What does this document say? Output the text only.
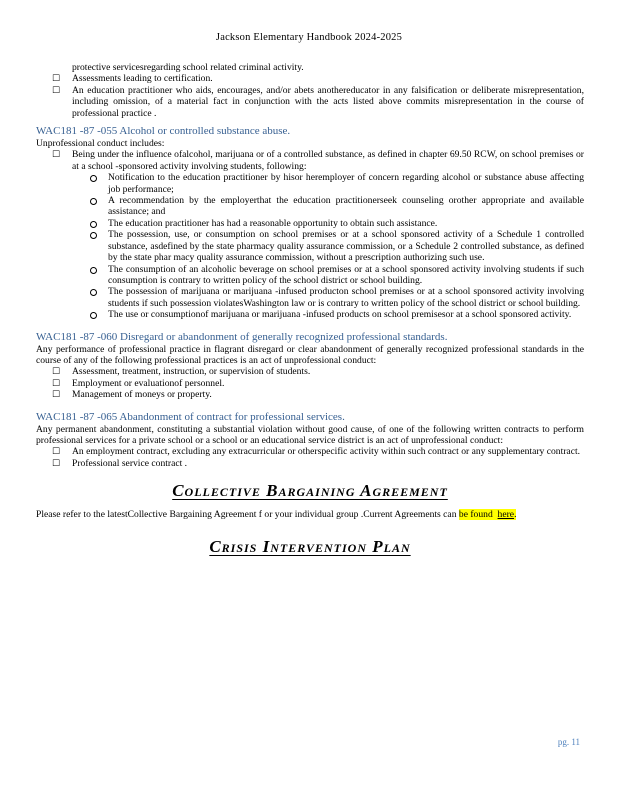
Jackson Elementary Handbook 2024-2025

protective servicesregarding school related criminal activity.

□ Assessments leading to certification.
□ An education practitioner who aids, encourages, and/or abets anothereducator in any falsification or deliberate misrepresentation, including omission, of a material fact in conjunction with the acts listed above commits misrepresentation in the course of professional practice .

WAC181 -87 -055 Alcohol or controlled substance abuse.

Unprofessional conduct includes:

□ Being under the influence ofalcohol, marijuana or of a controlled substance, as defined in chapter 69.50 RCW, on school premises or at a school -sponsored activity involving students, following:
Notification to the education practitioner by hisor heremployer of concern regarding alcohol or substance abuse affecting job performance;
A recommendation by the employerthat the education practitionerseek counseling orother appropriate and available assistance; and
The education practitioner has had a reasonable opportunity to obtain such assistance.
The possession, use, or consumption on school premises or at a school sponsored activity of a Schedule 1 controlled substance, asdefined by the state pharmacy quality assurance commission, or a Schedule 2 controlled substance, as defined by the state phar macy quality assurance commission, without a prescription authorizing such use.
The consumption of an alcoholic beverage on school premises or at a school sponsored activity involving students if such consumption is contrary to written policy of the school district or school building.
The possession of marijuana or marijuana -infused producton school premises or at a school sponsored activity involving students if such possession violatesWashington law or is contrary to written policy of the school district or school building.
The use or consumptionof marijuana or marijuana -infused products on school premisesor at a school sponsored activity.

WAC181 -87 -060 Disregard or abandonment of generally recognized professional standards.

Any performance of professional practice in flagrant disregard or clear abandonment of generally recognized professional standards in the course of any of the following professional practices is an act of unprofessional conduct:

□ Assessment, treatment, instruction, or supervision of students.
□ Employment or evaluationof personnel.
□ Management of moneys or property.

WAC181 -87 -065 Abandonment of contract for professional services.

Any permanent abandonment, constituting a substantial violation without good cause, of one of the following written contracts to perform professional services for a private school or a school or an educational service district is an act of unprofessional conduct:

□ An employment contract, excluding any extracurricular or otherspecific activity within such contract or any supplementary contract.
□ Professional service contract .

Collective Bargaining Agreement

Please refer to the latestCollective Bargaining Agreement f or your individual group .Current Agreements can be found here.

Crisis Intervention Plan

pg. 11
